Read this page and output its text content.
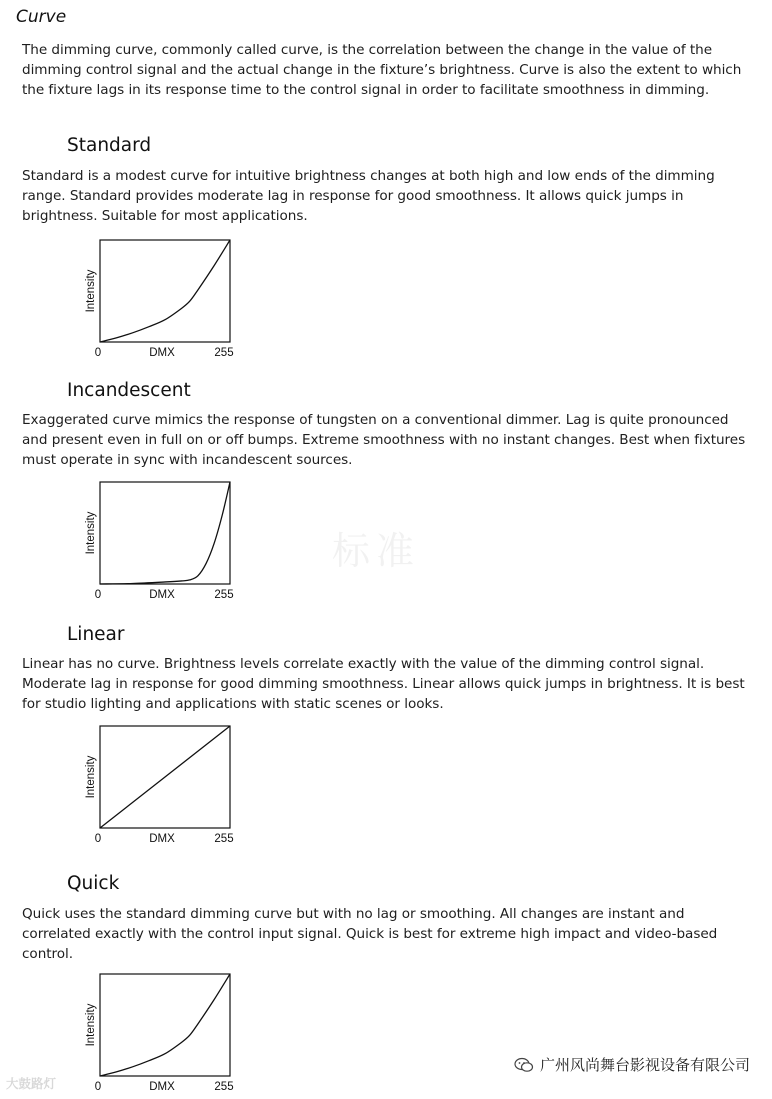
Curve
The dimming curve, commonly called curve, is the correlation between the change in the value of the dimming control signal and the actual change in the fixture’s brightness. Curve is also the extent to which the fixture lags in its response time to the control signal in order to facilitate smoothness in dimming.
Standard
Standard is a modest curve for intuitive brightness changes at both high and low ends of the dimming range. Standard provides moderate lag in response for good smoothness. It allows quick jumps in brightness. Suitable for most applications.
Incandescent
Exaggerated curve mimics the response of tungsten on a conventional dimmer. Lag is quite pronounced and present even in full on or off bumps. Extreme smoothness with no instant changes. Best when fixtures must operate in sync with incandescent sources.
Linear
Linear has no curve. Brightness levels correlate exactly with the value of the dimming control signal. Moderate lag in response for good dimming smoothness. Linear allows quick jumps in brightness. It is best for studio lighting and applications with static scenes or looks.
Quick
Quick uses the standard dimming curve but with no lag or smoothing. All changes are instant and correlated exactly with the control input signal. Quick is best for extreme high impact and video-based control.
Intensity
0	DMX	255
Intensity
0	DMX	255
Intensity
0	DMX	255
Intensity
0	DMX	255
标准
广州风尚舞台影视设备有限公司
大鼓路灯
